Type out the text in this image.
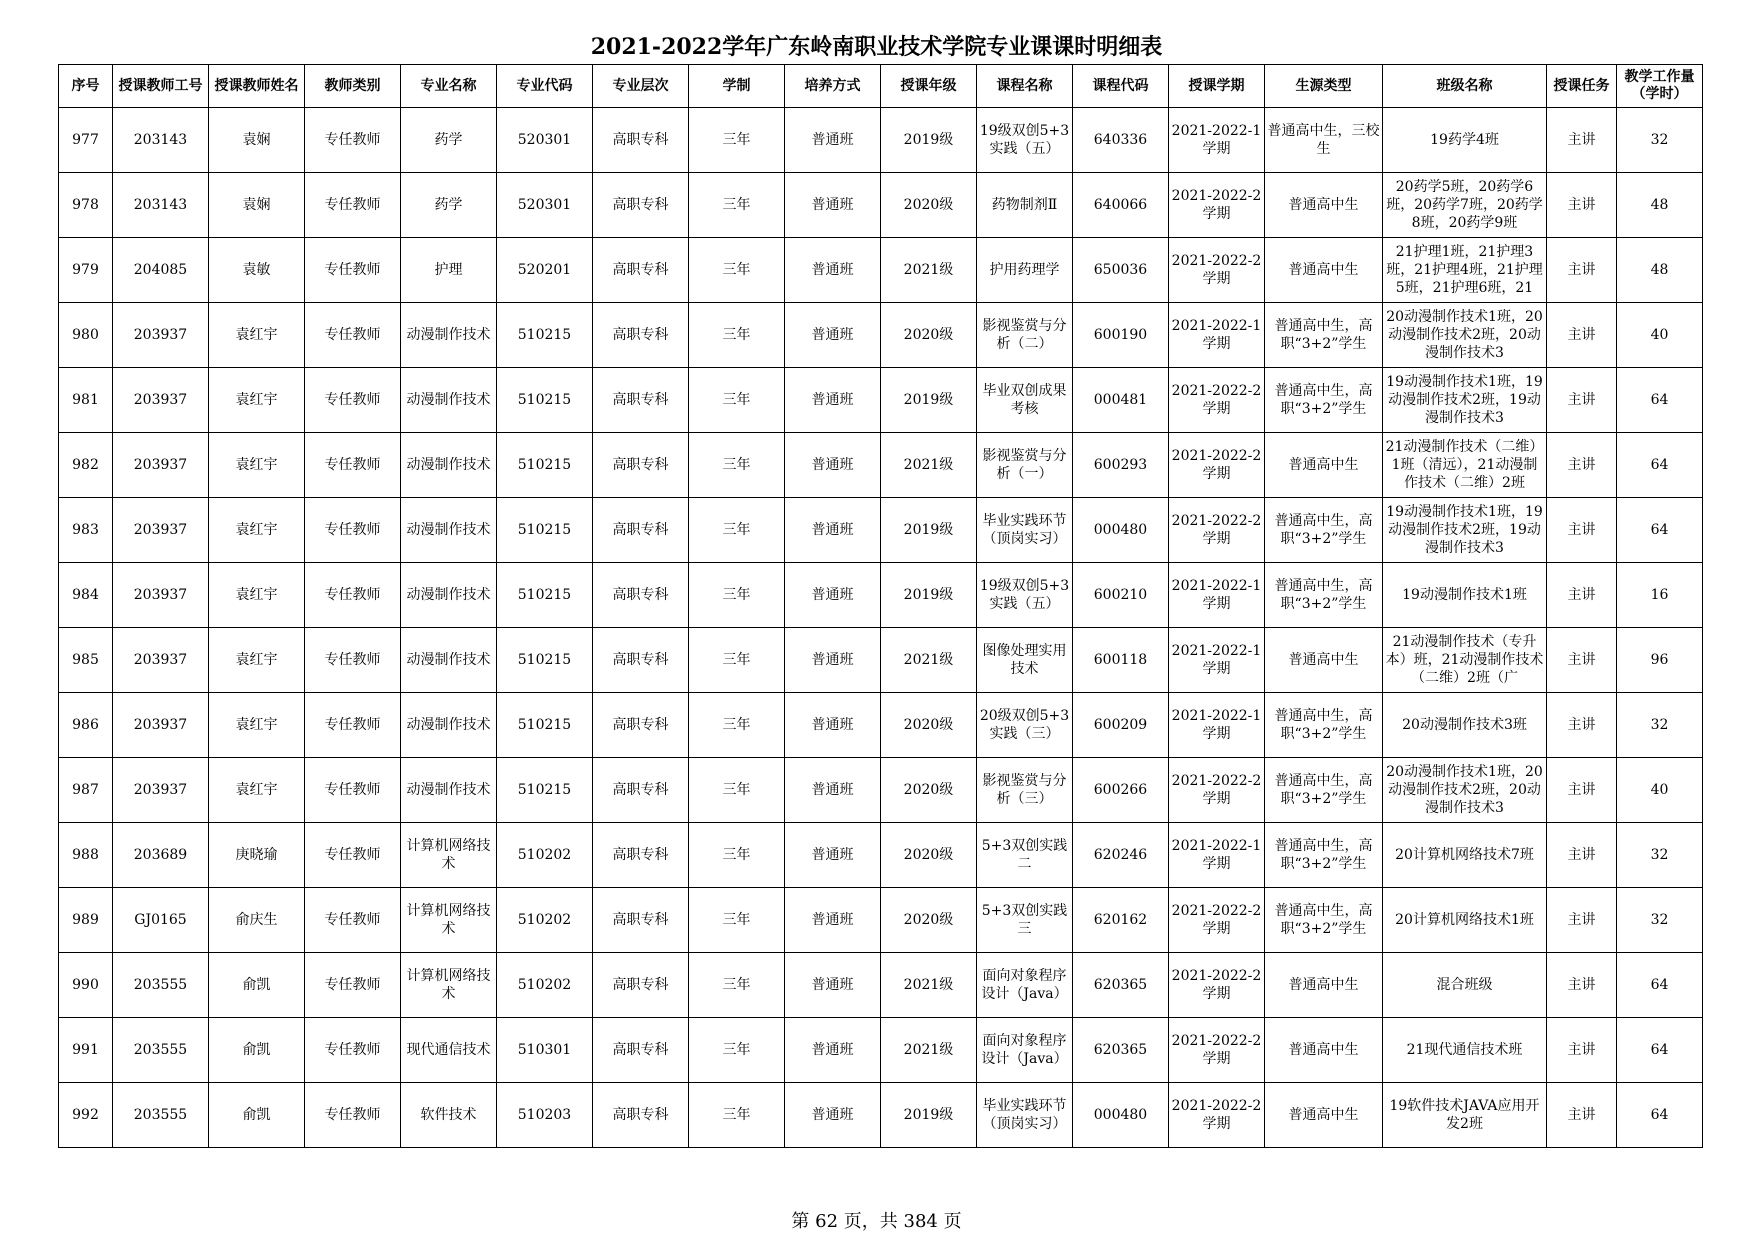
2021-2022学年广东岭南职业技术学院专业课课时明细表
序号	授课教师工号	授课教师姓名	教师类别	专业名称	专业代码	专业层次	学制	培养方式	授课年级	课程名称	课程代码	授课学期	生源类型	班级名称	授课任务	教学工作量（学时）

977	203143	袁娴	专任教师	药学	520301	高职专科	三年	普通班	2019级	19级双创5+3实践（五）	640336	2021-2022-1学期	普通高中生，三校生	19药学4班	主讲	32

978	203143	袁娴	专任教师	药学	520301	高职专科	三年	普通班	2020级	药物制剂Ⅱ	640066	2021-2022-2学期	普通高中生	20药学5班，20药学6班，20药学7班，20药学8班，20药学9班	主讲	48

979	204085	袁敏	专任教师	护理	520201	高职专科	三年	普通班	2021级	护用药理学	650036	2021-2022-2学期	普通高中生	21护理1班，21护理3班，21护理4班，21护理5班，21护理6班，21	主讲	48

980	203937	袁红宇	专任教师	动漫制作技术	510215	高职专科	三年	普通班	2020级	影视鉴赏与分析（二）	600190	2021-2022-1学期	普通高中生，高职“3+2”学生	20动漫制作技术1班，20动漫制作技术2班，20动漫制作技术3	主讲	40

981	203937	袁红宇	专任教师	动漫制作技术	510215	高职专科	三年	普通班	2019级	毕业双创成果考核	000481	2021-2022-2学期	普通高中生，高职“3+2”学生	19动漫制作技术1班，19动漫制作技术2班，19动漫制作技术3	主讲	64

982	203937	袁红宇	专任教师	动漫制作技术	510215	高职专科	三年	普通班	2021级	影视鉴赏与分析（一）	600293	2021-2022-2学期	普通高中生	21动漫制作技术（二维）1班（清远），21动漫制作技术（二维）2班	主讲	64

983	203937	袁红宇	专任教师	动漫制作技术	510215	高职专科	三年	普通班	2019级	毕业实践环节（顶岗实习）	000480	2021-2022-2学期	普通高中生，高职“3+2”学生	19动漫制作技术1班，19动漫制作技术2班，19动漫制作技术3	主讲	64

984	203937	袁红宇	专任教师	动漫制作技术	510215	高职专科	三年	普通班	2019级	19级双创5+3实践（五）	600210	2021-2022-1学期	普通高中生，高职“3+2”学生	19动漫制作技术1班	主讲	16

985	203937	袁红宇	专任教师	动漫制作技术	510215	高职专科	三年	普通班	2021级	图像处理实用技术	600118	2021-2022-1学期	普通高中生	21动漫制作技术（专升本）班，21动漫制作技术（二维）2班（广	主讲	96

986	203937	袁红宇	专任教师	动漫制作技术	510215	高职专科	三年	普通班	2020级	20级双创5+3实践（三）	600209	2021-2022-1学期	普通高中生，高职“3+2”学生	20动漫制作技术3班	主讲	32

987	203937	袁红宇	专任教师	动漫制作技术	510215	高职专科	三年	普通班	2020级	影视鉴赏与分析（三）	600266	2021-2022-2学期	普通高中生，高职“3+2”学生	20动漫制作技术1班，20动漫制作技术2班，20动漫制作技术3	主讲	40

988	203689	庚晓瑜	专任教师	计算机网络技术	510202	高职专科	三年	普通班	2020级	5+3双创实践二	620246	2021-2022-1学期	普通高中生，高职“3+2”学生	20计算机网络技术7班	主讲	32

989	GJ0165	俞庆生	专任教师	计算机网络技术	510202	高职专科	三年	普通班	2020级	5+3双创实践三	620162	2021-2022-2学期	普通高中生，高职“3+2”学生	20计算机网络技术1班	主讲	32

990	203555	俞凯	专任教师	计算机网络技术	510202	高职专科	三年	普通班	2021级	面向对象程序设计（Java）	620365	2021-2022-2学期	普通高中生	混合班级	主讲	64

991	203555	俞凯	专任教师	现代通信技术	510301	高职专科	三年	普通班	2021级	面向对象程序设计（Java）	620365	2021-2022-2学期	普通高中生	21现代通信技术班	主讲	64

992	203555	俞凯	专任教师	软件技术	510203	高职专科	三年	普通班	2019级	毕业实践环节（顶岗实习）	000480	2021-2022-2学期	普通高中生	19软件技术JAVA应用开发2班	主讲	64
第 62 页，共 384 页
